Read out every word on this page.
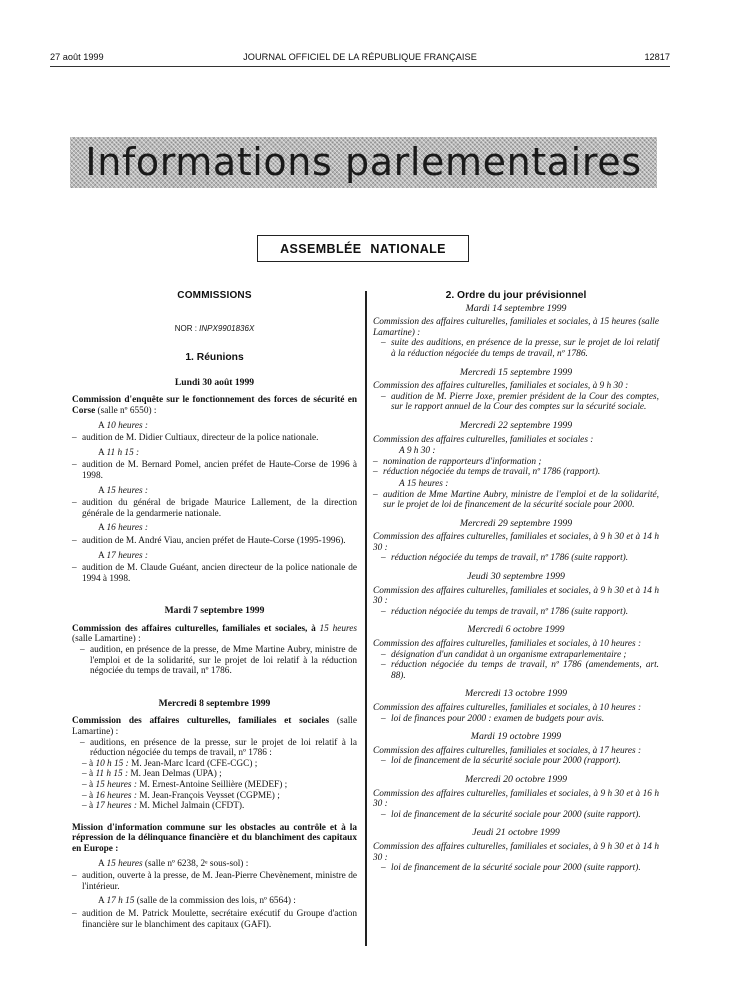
27 août 1999	JOURNAL OFFICIEL DE LA RÉPUBLIQUE FRANÇAISE	12817
Informations parlementaires
ASSEMBLÉE NATIONALE
COMMISSIONS
NOR : INPX9901836X
1. Réunions
Lundi 30 août 1999
Commission d'enquête sur le fonctionnement des forces de sécurité en Corse (salle nº 6550) :
A 10 heures :
– audition de M. Didier Cultiaux, directeur de la police nationale.
A 11 h 15 :
– audition de M. Bernard Pomel, ancien préfet de Haute-Corse de 1996 à 1998.
A 15 heures :
– audition du général de brigade Maurice Lallement, de la direction générale de la gendarmerie nationale.
A 16 heures :
– audition de M. André Viau, ancien préfet de Haute-Corse (1995-1996).
A 17 heures :
– audition de M. Claude Guéant, ancien directeur de la police nationale de 1994 à 1998.
Mardi 7 septembre 1999
Commission des affaires culturelles, familiales et sociales, à 15 heures (salle Lamartine) :
– audition, en présence de la presse, de Mme Martine Aubry, ministre de l'emploi et de la solidarité, sur le projet de loi relatif à la réduction négociée du temps de travail, nº 1786.
Mercredi 8 septembre 1999
Commission des affaires culturelles, familiales et sociales (salle Lamartine) :
– auditions, en présence de la presse, sur le projet de loi relatif à la réduction négociée du temps de travail, nº 1786 :
– à 10 h 15 : M. Jean-Marc Icard (CFE-CGC) ;
– à 11 h 15 : M. Jean Delmas (UPA) ;
– à 15 heures : M. Ernest-Antoine Seillière (MEDEF) ;
– à 16 heures : M. Jean-François Veysset (CGPME) ;
– à 17 heures : M. Michel Jalmain (CFDT).
Mission d'information commune sur les obstacles au contrôle et à la répression de la délinquance financière et du blanchiment des capitaux en Europe :
A 15 heures (salle nº 6238, 2ᵉ sous-sol) :
– audition, ouverte à la presse, de M. Jean-Pierre Chevènement, ministre de l'intérieur.
A 17 h 15 (salle de la commission des lois, nº 6564) :
– audition de M. Patrick Moulette, secrétaire exécutif du Groupe d'action financière sur le blanchiment des capitaux (GAFI).
2. Ordre du jour prévisionnel
Mardi 14 septembre 1999
Commission des affaires culturelles, familiales et sociales, à 15 heures (salle Lamartine) :
– suite des auditions, en présence de la presse, sur le projet de loi relatif à la réduction négociée du temps de travail, nº 1786.
Mercredi 15 septembre 1999
Commission des affaires culturelles, familiales et sociales, à 9 h 30 :
– audition de M. Pierre Joxe, premier président de la Cour des comptes, sur le rapport annuel de la Cour des comptes sur la sécurité sociale.
Mercredi 22 septembre 1999
Commission des affaires culturelles, familiales et sociales :
A 9 h 30 :
– nomination de rapporteurs d'information ;
– réduction négociée du temps de travail, nº 1786 (rapport).
A 15 heures :
– audition de Mme Martine Aubry, ministre de l'emploi et de la solidarité, sur le projet de loi de financement de la sécurité sociale pour 2000.
Mercredi 29 septembre 1999
Commission des affaires culturelles, familiales et sociales, à 9 h 30 et à 14 h 30 :
– réduction négociée du temps de travail, nº 1786 (suite rapport).
Jeudi 30 septembre 1999
Commission des affaires culturelles, familiales et sociales, à 9 h 30 et à 14 h 30 :
– réduction négociée du temps de travail, nº 1786 (suite rapport).
Mercredi 6 octobre 1999
Commission des affaires culturelles, familiales et sociales, à 10 heures :
– désignation d'un candidat à un organisme extraparlementaire ;
– réduction négociée du temps de travail, nº 1786 (amendements, art. 88).
Mercredi 13 octobre 1999
Commission des affaires culturelles, familiales et sociales, à 10 heures :
– loi de finances pour 2000 : examen de budgets pour avis.
Mardi 19 octobre 1999
Commission des affaires culturelles, familiales et sociales, à 17 heures :
– loi de financement de la sécurité sociale pour 2000 (rapport).
Mercredi 20 octobre 1999
Commission des affaires culturelles, familiales et sociales, à 9 h 30 et à 16 h 30 :
– loi de financement de la sécurité sociale pour 2000 (suite rapport).
Jeudi 21 octobre 1999
Commission des affaires culturelles, familiales et sociales, à 9 h 30 et à 14 h 30 :
– loi de financement de la sécurité sociale pour 2000 (suite rapport).
